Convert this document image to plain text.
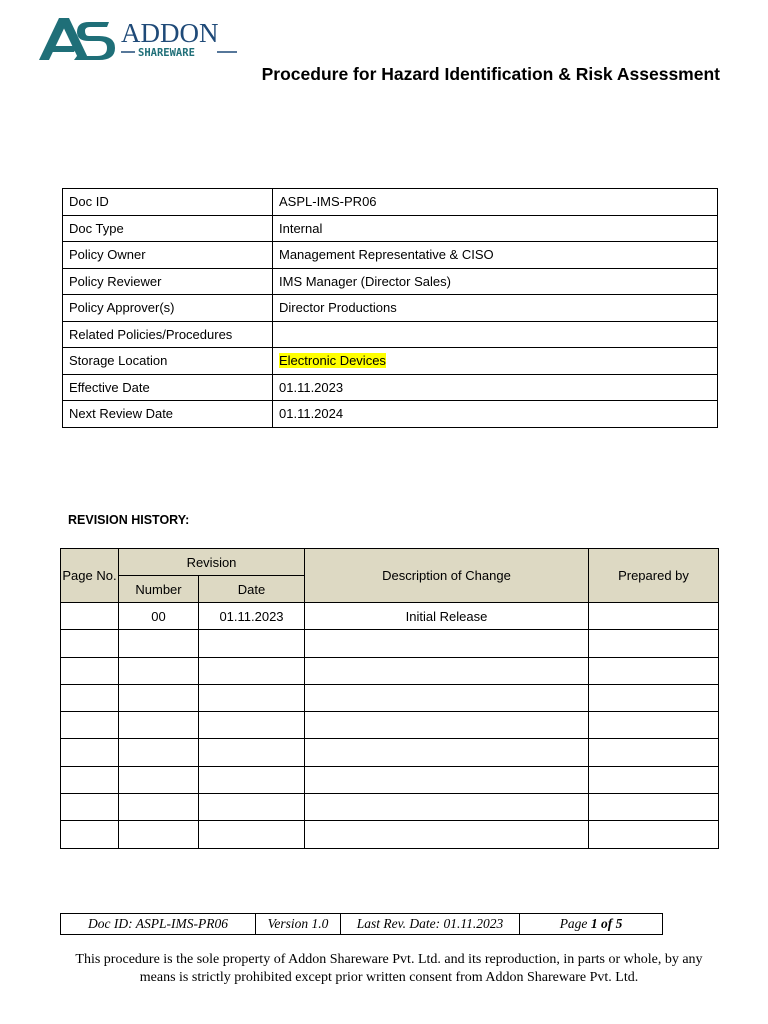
ADDON
SHAREWARE
Procedure for Hazard Identification & Risk Assessment
Doc ID	ASPL-IMS-PR06
Doc Type	Internal
Policy Owner	Management Representative & CISO
Policy Reviewer	IMS Manager (Director Sales)
Policy Approver(s)	Director Productions
Related Policies/Procedures	
Storage Location	Electronic Devices
Effective Date	01.11.2023
Next Review Date	01.11.2024
REVISION HISTORY:
Page No.	Revision		Description of Change	Prepared by
	Number	Date		
	00	01.11.2023	Initial Release	

Doc ID: ASPL-IMS-PR06	Version 1.0	Last Rev. Date: 01.11.2023	Page 1 of 5
This procedure is the sole property of Addon Shareware Pvt. Ltd. and its reproduction, in parts or whole, by any means is strictly prohibited except prior written consent from Addon Shareware Pvt. Ltd.
